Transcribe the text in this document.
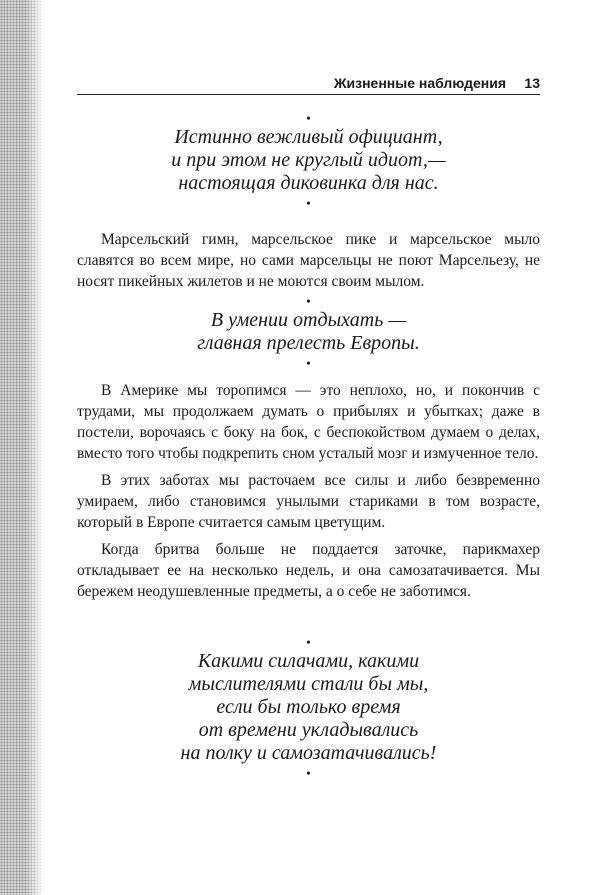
Жизненные наблюдения 13
•
Истинно вежливый официант,
и при этом не круглый идиот,—
настоящая диковинка для нас.
•

Марсельский гимн, марсельское пике и марсельское мыло славятся во всем мире, но сами марсельцы не поют Марсельезу, не носят пикейных жилетов и не моются своим мылом.

•
В умении отдыхать —
главная прелесть Европы.
•

В Америке мы торопимся — это неплохо, но, и покончив с трудами, мы продолжаем думать о прибылях и убытках; даже в постели, ворочаясь с боку на бок, с беспокойством думаем о делах, вместо того чтобы подкрепить сном усталый мозг и измученное тело.

В этих заботах мы расточаем все силы и либо безвременно умираем, либо становимся унылыми стариками в том возрасте, который в Европе считается самым цветущим.

Когда бритва больше не поддается заточке, парикмахер откладывает ее на несколько недель, и она самозатачивается. Мы бережем неодушевленные предметы, а о себе не заботимся.

•
Какими силачами, какими
мыслителями стали бы мы,
если бы только время
от времени укладывались
на полку и самозатачивались!
•
